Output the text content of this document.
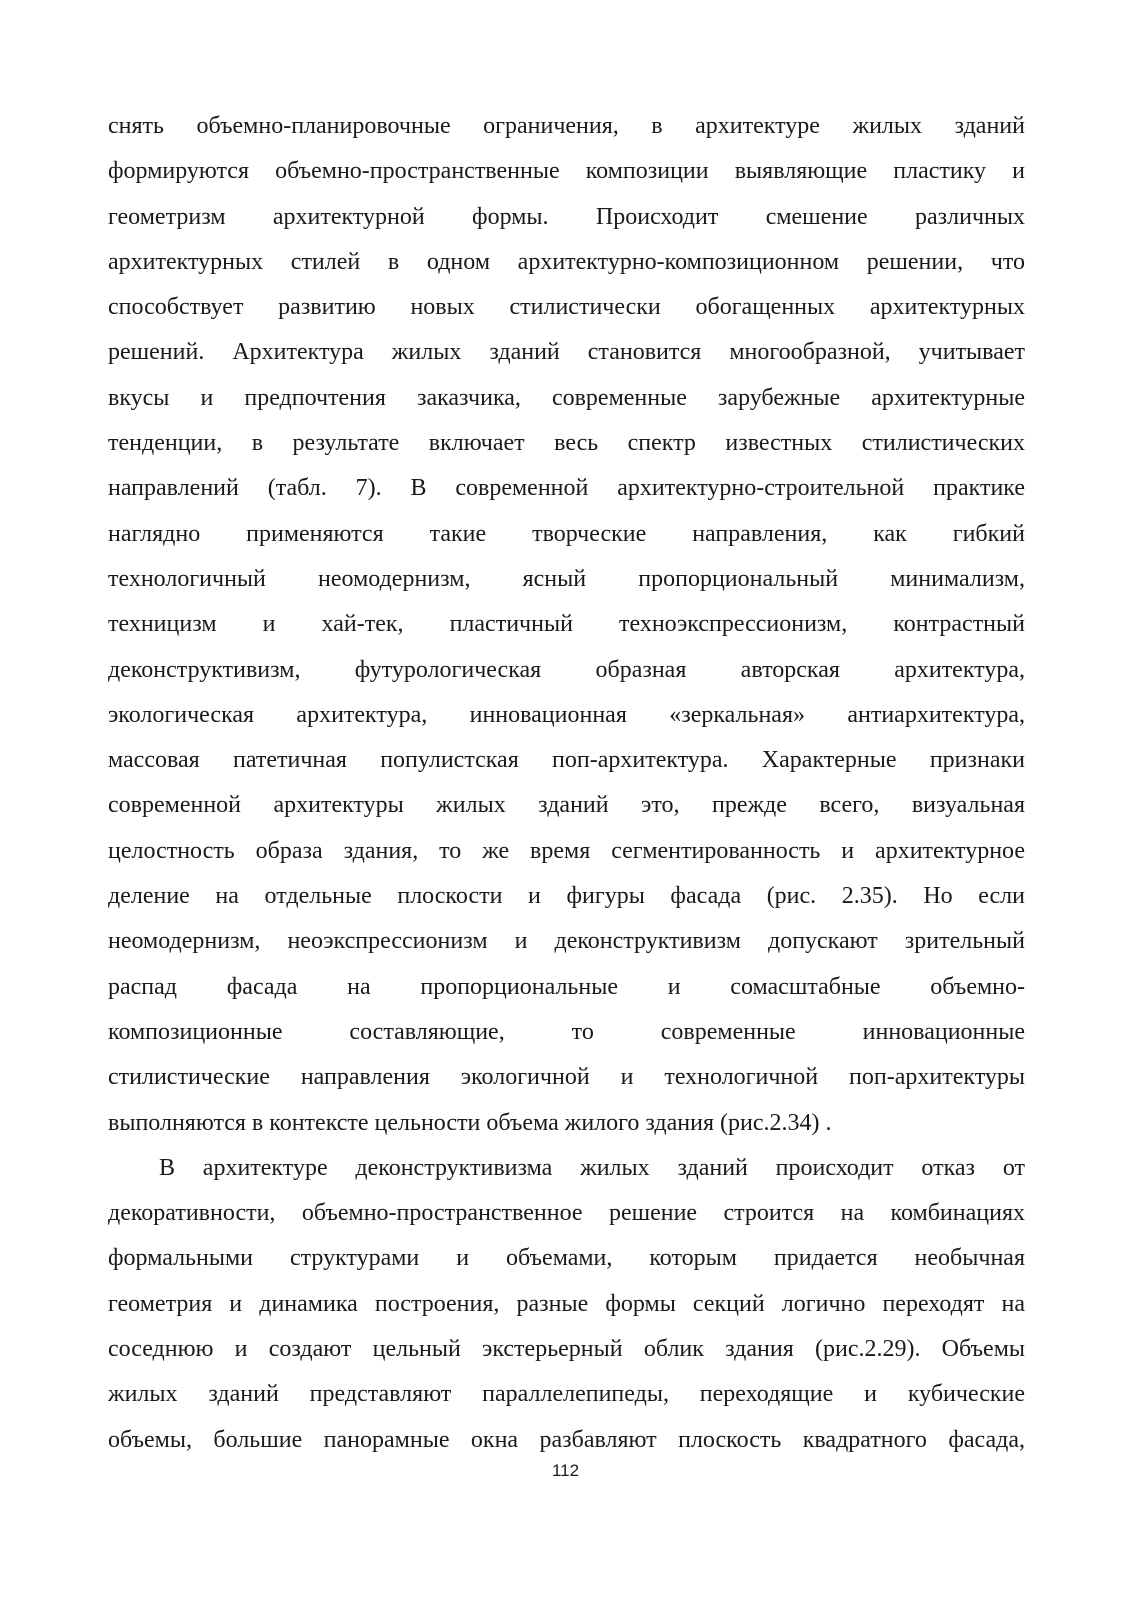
снять объемно-планировочные ограничения, в архитектуре жилых зданий
формируются объемно-пространственные композиции выявляющие пластику и
геометризм архитектурной формы. Происходит смешение различных
архитектурных стилей в одном архитектурно-композиционном решении, что
способствует развитию новых стилистически обогащенных архитектурных
решений. Архитектура жилых зданий становится многообразной, учитывает
вкусы и предпочтения заказчика, современные зарубежные архитектурные
тенденции, в результате включает весь спектр известных стилистических
направлений (табл. 7). В современной архитектурно-строительной практике
наглядно применяются такие творческие направления, как гибкий
технологичный неомодернизм, ясный пропорциональный минимализм,
техницизм и хай-тек, пластичный техноэкспрессионизм, контрастный
деконструктивизм, футурологическая образная авторская архитектура,
экологическая архитектура, инновационная «зеркальная» антиархитектура,
массовая патетичная популистская поп-архитектура. Характерные признаки
современной архитектуры жилых зданий это, прежде всего, визуальная
целостность образа здания, то же время сегментированность и архитектурное
деление на отдельные плоскости и фигуры фасада (рис. 2.35). Но если
неомодернизм, неоэкспрессионизм и деконструктивизм допускают зрительный
распад фасада на пропорциональные и сомасштабные объемно-
композиционные составляющие, то современные инновационные
стилистические направления экологичной и технологичной поп-архитектуры
выполняются в контексте цельности объема жилого здания (рис.2.34) .
В архитектуре деконструктивизма жилых зданий происходит отказ от
декоративности, объемно-пространственное решение строится на комбинациях
формальными структурами и объемами, которым придается необычная
геометрия и динамика построения, разные формы секций логично переходят на
соседнюю и создают цельный экстерьерный облик здания (рис.2.29). Объемы
жилых зданий представляют параллелепипеды, переходящие и кубические
объемы, большие панорамные окна разбавляют плоскость квадратного фасада,
112
